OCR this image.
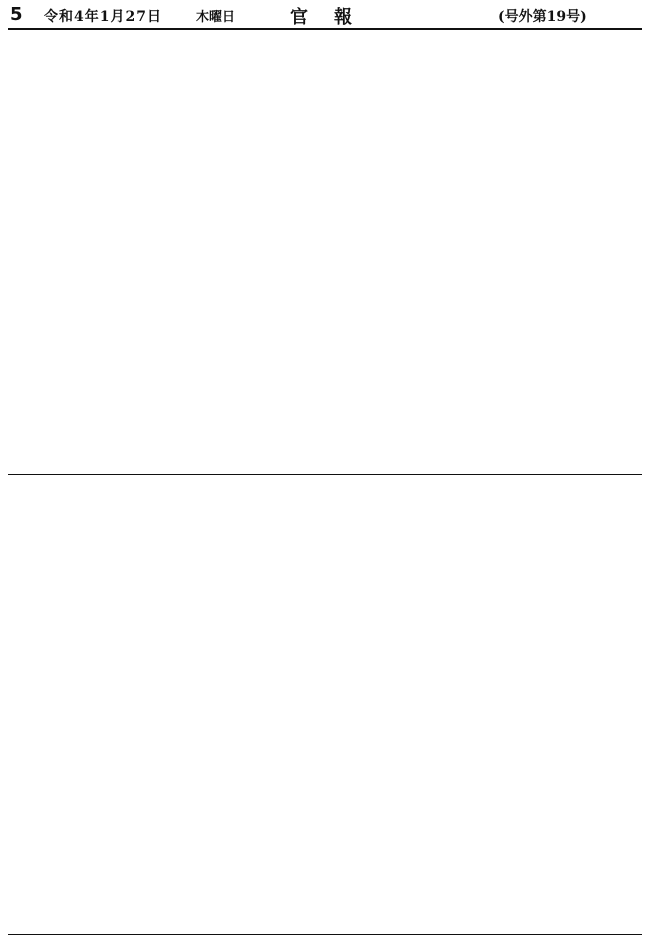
5 令和4年1月27日	木曜日	官報	(号外第19号)
